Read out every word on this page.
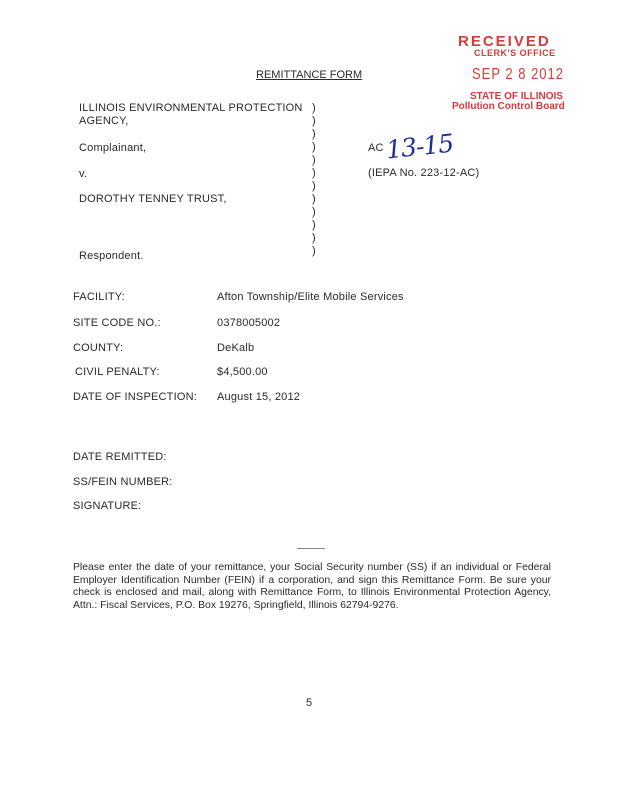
RECEIVED
CLERK'S OFFICE
SEP 2 8 2012
STATE OF ILLINOIS
Pollution Control Board
REMITTANCE FORM
ILLINOIS ENVIRONMENTAL PROTECTION
AGENCY,
Complainant,
v.
DOROTHY TENNEY TRUST,
Respondent.
)
)
)
)
)
)
)
)
)
)
)
)
AC 13-15
(IEPA No. 223-12-AC)
FACILITY:	Afton Township/Elite Mobile Services
SITE CODE NO.:	0378005002
COUNTY:	DeKalb
CIVIL PENALTY:	$4,500.00
DATE OF INSPECTION: August 15, 2012
DATE REMITTED:
SS/FEIN NUMBER:
SIGNATURE:
Please enter the date of your remittance, your Social Security number (SS) if an individual or Federal Employer Identification Number (FEIN) if a corporation, and sign this Remittance Form. Be sure your check is enclosed and mail, along with Remittance Form, to Illinois Environmental Protection Agency, Attn.: Fiscal Services, P.O. Box 19276, Springfield, Illinois 62794-9276.
5
